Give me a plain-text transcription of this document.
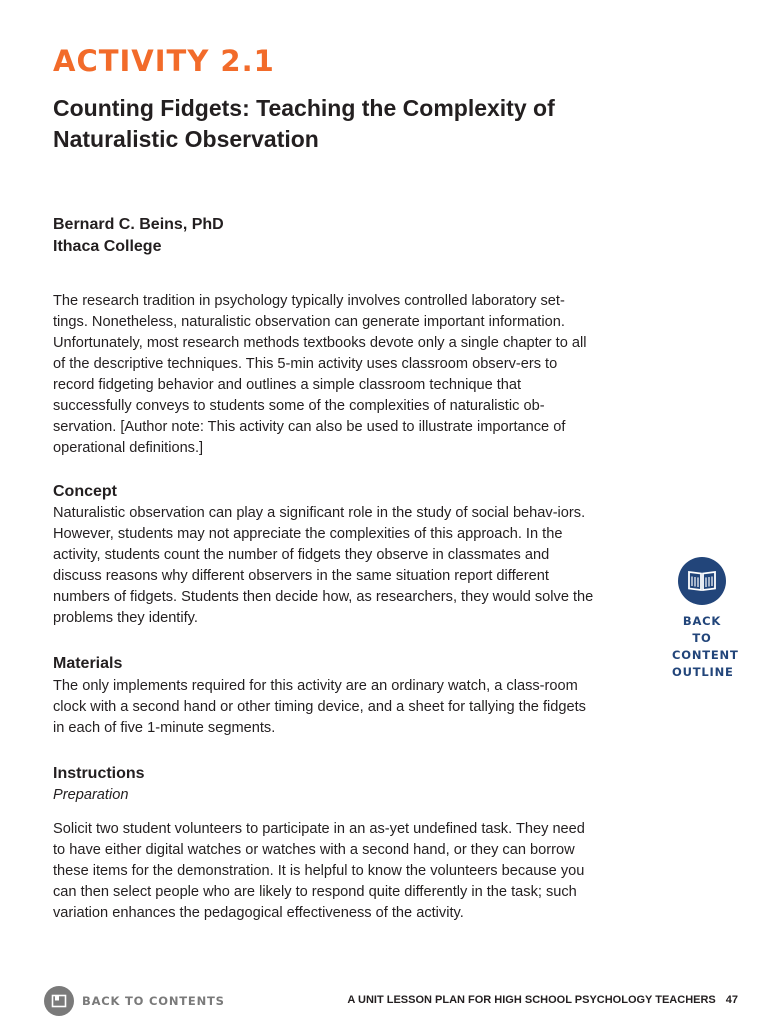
ACTIVITY 2.1
Counting Fidgets: Teaching the Complexity of Naturalistic Observation
Bernard C. Beins, PhD
Ithaca College

The research tradition in psychology typically involves controlled laboratory set-tings. Nonetheless, naturalistic observation can generate important information. Unfortunately, most research methods textbooks devote only a single chapter to all of the descriptive techniques. This 5-min activity uses classroom observ-ers to record fidgeting behavior and outlines a simple classroom technique that successfully conveys to students some of the complexities of naturalistic ob-servation. [Author note: This activity can also be used to illustrate importance of operational definitions.]

Concept

Naturalistic observation can play a significant role in the study of social behav-iors. However, students may not appreciate the complexities of this approach. In the activity, students count the number of fidgets they observe in classmates and discuss reasons why different observers in the same situation report different numbers of fidgets. Students then decide how, as researchers, they would solve the problems they identify.

Materials

The only implements required for this activity are an ordinary watch, a class-room clock with a second hand or other timing device, and a sheet for tallying the fidgets in each of five 1-minute segments.

Instructions

Preparation

Solicit two student volunteers to participate in an as-yet undefined task. They need to have either digital watches or watches with a second hand, or they can borrow these items for the demonstration. It is helpful to know the volunteers because you can then select people who are likely to respond quite differently in the task; such variation enhances the pedagogical effectiveness of the activity.

BACK TO
CONTENT
OUTLINE
BACK TO CONTENTS	A UNIT LESSON PLAN FOR HIGH SCHOOL PSYCHOLOGY TEACHERS 47
